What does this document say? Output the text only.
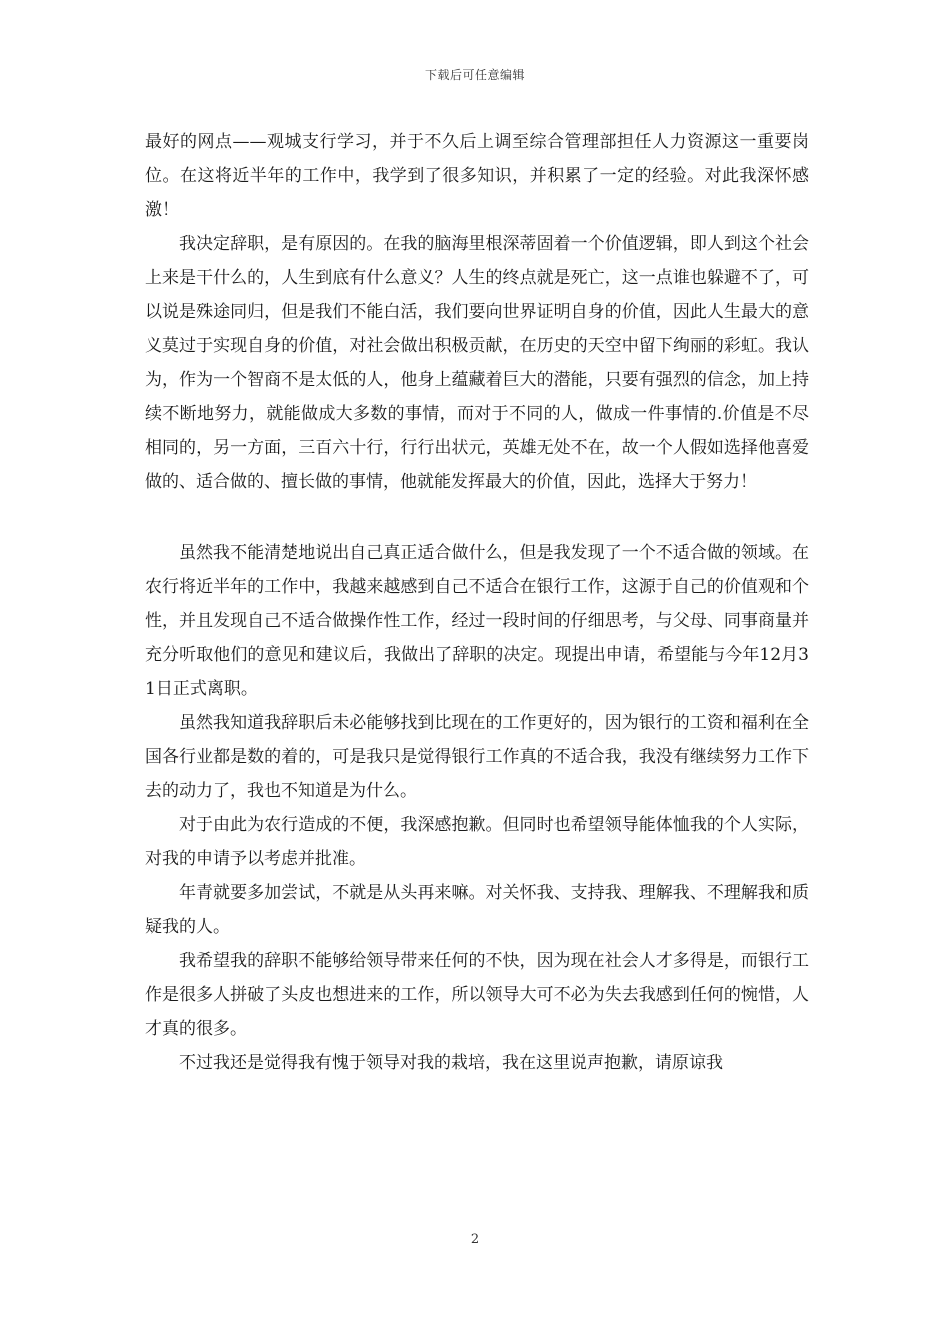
下载后可任意编辑

最好的网点——观城支行学习，并于不久后上调至综合管理部担任人力资源这一重要岗位。在这将近半年的工作中，我学到了很多知识，并积累了一定的经验。对此我深怀感激！

我决定辞职，是有原因的。在我的脑海里根深蒂固着一个价值逻辑，即人到这个社会上来是干什么的，人生到底有什么意义？人生的终点就是死亡，这一点谁也躲避不了，可以说是殊途同归，但是我们不能白活，我们要向世界证明自身的价值，因此人生最大的意义莫过于实现自身的价值，对社会做出积极贡献，在历史的天空中留下绚丽的彩虹。我认为，作为一个智商不是太低的人，他身上蕴藏着巨大的潜能，只要有强烈的信念，加上持续不断地努力，就能做成大多数的事情，而对于不同的人，做成一件事情的.价值是不尽相同的，另一方面，三百六十行，行行出状元，英雄无处不在，故一个人假如选择他喜爱做的、适合做的、擅长做的事情，他就能发挥最大的价值，因此，选择大于努力！

虽然我不能清楚地说出自己真正适合做什么，但是我发现了一个不适合做的领域。在农行将近半年的工作中，我越来越感到自己不适合在银行工作，这源于自己的价值观和个性，并且发现自己不适合做操作性工作，经过一段时间的仔细思考，与父母、同事商量并充分听取他们的意见和建议后，我做出了辞职的决定。现提出申请，希望能与今年12月31日正式离职。

虽然我知道我辞职后未必能够找到比现在的工作更好的，因为银行的工资和福利在全国各行业都是数的着的，可是我只是觉得银行工作真的不适合我，我没有继续努力工作下去的动力了，我也不知道是为什么。

对于由此为农行造成的不便，我深感抱歉。但同时也希望领导能体恤我的个人实际，对我的申请予以考虑并批准。

年青就要多加尝试，不就是从头再来嘛。对关怀我、支持我、理解我、不理解我和质疑我的人。

我希望我的辞职不能够给领导带来任何的不快，因为现在社会人才多得是，而银行工作是很多人拼破了头皮也想进来的工作，所以领导大可不必为失去我感到任何的惋惜，人才真的很多。

不过我还是觉得我有愧于领导对我的栽培，我在这里说声抱歉，请原谅我

2
